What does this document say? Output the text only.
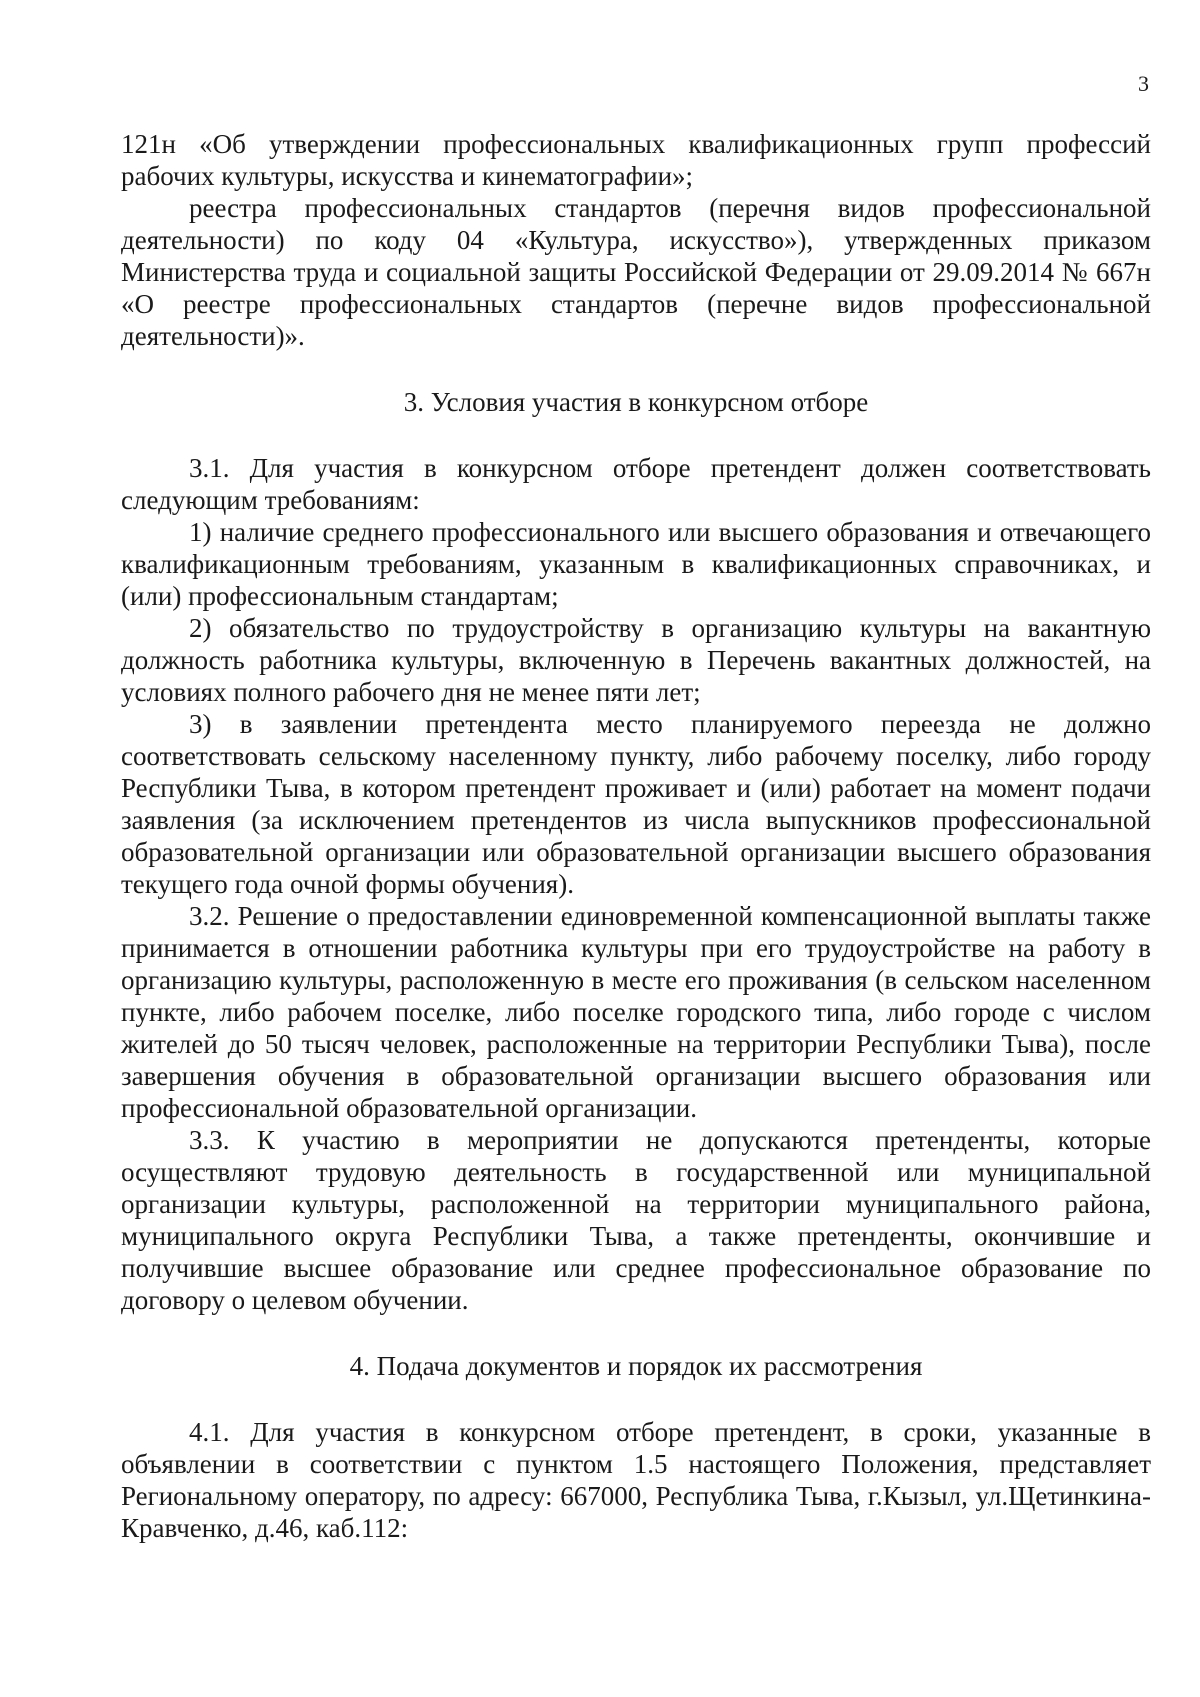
3

121н «Об утверждении профессиональных квалификационных групп профессий рабочих культуры, искусства и кинематографии»;

реестра профессиональных стандартов (перечня видов профессиональной деятельности) по коду 04 «Культура, искусство»), утвержденных приказом Министерства труда и социальной защиты Российской Федерации от 29.09.2014 № 667н «О реестре профессиональных стандартов (перечне видов профессиональной деятельности)».

3. Условия участия в конкурсном отборе

3.1. Для участия в конкурсном отборе претендент должен соответствовать следующим требованиям:

1) наличие среднего профессионального или высшего образования и отвечающего квалификационным требованиям, указанным в квалификационных справочниках, и (или) профессиональным стандартам;

2) обязательство по трудоустройству в организацию культуры на вакантную должность работника культуры, включенную в Перечень вакантных должностей, на условиях полного рабочего дня не менее пяти лет;

3) в заявлении претендента место планируемого переезда не должно соответствовать сельскому населенному пункту, либо рабочему поселку, либо городу Республики Тыва, в котором претендент проживает и (или) работает на момент подачи заявления (за исключением претендентов из числа выпускников профессиональной образовательной организации или образовательной организации высшего образования текущего года очной формы обучения).

3.2. Решение о предоставлении единовременной компенсационной выплаты также принимается в отношении работника культуры при его трудоустройстве на работу в организацию культуры, расположенную в месте его проживания (в сельском населенном пункте, либо рабочем поселке, либо поселке городского типа, либо городе с числом жителей до 50 тысяч человек, расположенные на территории Республики Тыва), после завершения обучения в образовательной организации высшего образования или профессиональной образовательной организации.

3.3. К участию в мероприятии не допускаются претенденты, которые осуществляют трудовую деятельность в государственной или муниципальной организации культуры, расположенной на территории муниципального района, муниципального округа Республики Тыва, а также претенденты, окончившие и получившие высшее образование или среднее профессиональное образование по договору о целевом обучении.

4. Подача документов и порядок их рассмотрения

4.1. Для участия в конкурсном отборе претендент, в сроки, указанные в объявлении в соответствии с пунктом 1.5 настоящего Положения, представляет Региональному оператору, по адресу: 667000, Республика Тыва, г.Кызыл, ул.Щетинкина-Кравченко, д.46, каб.112:
